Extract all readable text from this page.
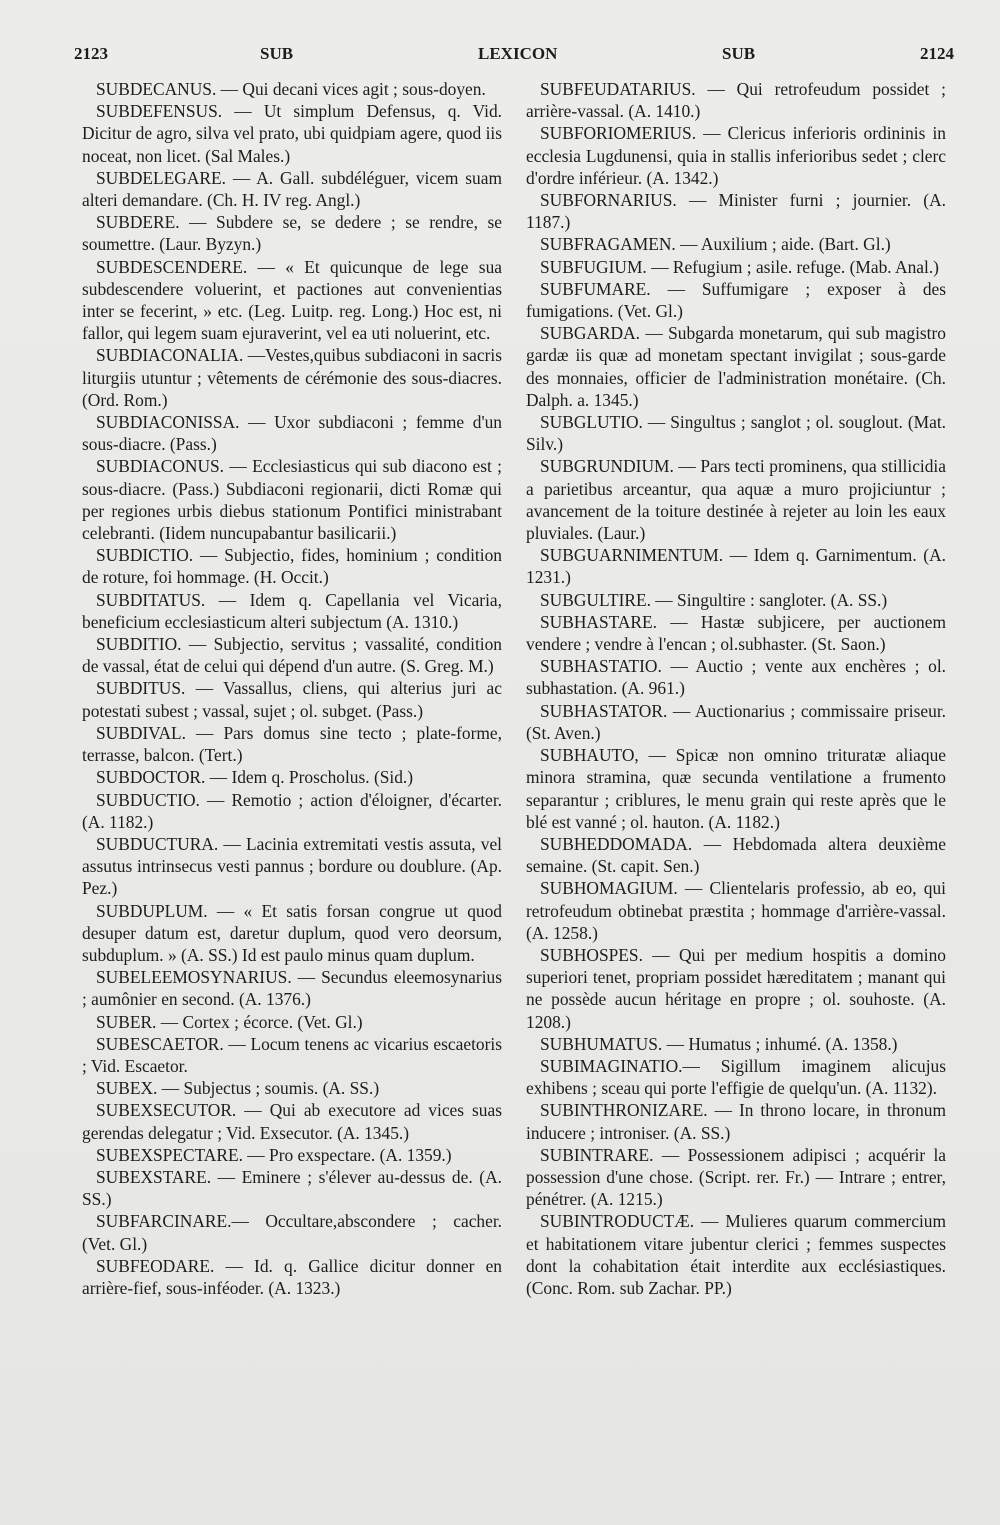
2123	SUB	LEXICON	SUB	2124

SUBDECANUS. — Qui decani vices agit ; sous-doyen.

SUBDEFENSUS. — Ut simplum Defensus, q. Vid. Dicitur de agro, silva vel prato, ubi quidpiam agere, quod iis noceat, non licet. (Sal Males.)

SUBDELEGARE. — A. Gall. subdéléguer, vicem suam alteri demandare. (Ch. H. IV reg. Angl.)

SUBDERE. — Subdere se, se dedere ; se rendre, se soumettre. (Laur. Byzyn.)

SUBDESCENDERE. — « Et quicunque de lege sua subdescendere voluerint, et pactiones aut convenientias inter se fecerint, » etc. (Leg. Luitp. reg. Long.) Hoc est, ni fallor, qui legem suam ejuraverint, vel ea uti noluerint, etc.

SUBDIACONALIA. —Vestes,quibus subdiaconi in sacris liturgiis utuntur ; vêtements de cérémonie des sous-diacres. (Ord. Rom.)

SUBDIACONISSA. — Uxor subdiaconi ; femme d'un sous-diacre. (Pass.)

SUBDIACONUS. — Ecclesiasticus qui sub diacono est ; sous-diacre. (Pass.) Subdiaconi regionarii, dicti Romæ qui per regiones urbis diebus stationum Pontifici ministrabant celebranti. (Iidem nuncupabantur basilicarii.)

SUBDICTIO. — Subjectio, fides, hominium ; condition de roture, foi hommage. (H. Occit.)

SUBDITATUS. — Idem q. Capellania vel Vicaria, beneficium ecclesiasticum alteri subjectum (A. 1310.)

SUBDITIO. — Subjectio, servitus ; vassalité, condition de vassal, état de celui qui dépend d'un autre. (S. Greg. M.)

SUBDITUS. — Vassallus, cliens, qui alterius juri ac potestati subest ; vassal, sujet ; ol. subget. (Pass.)

SUBDIVAL. — Pars domus sine tecto ; plate-forme, terrasse, balcon. (Tert.)

SUBDOCTOR. — Idem q. Proscholus. (Sid.)

SUBDUCTIO. — Remotio ; action d'éloigner, d'écarter. (A. 1182.)

SUBDUCTURA. — Lacinia extremitati vestis assuta, vel assutus intrinsecus vesti pannus ; bordure ou doublure. (Ap. Pez.)

SUBDUPLUM. — « Et satis forsan congrue ut quod desuper datum est, daretur duplum, quod vero deorsum, subduplum. » (A. SS.) Id est paulo minus quam duplum.

SUBELEEMOSYNARIUS. — Secundus eleemosynarius ; aumônier en second. (A. 1376.)

SUBER. — Cortex ; écorce. (Vet. Gl.)

SUBESCAETOR. — Locum tenens ac vicarius escaetoris ; Vid. Escaetor.

SUBEX. — Subjectus ; soumis. (A. SS.)

SUBEXSECUTOR. — Qui ab executore ad vices suas gerendas delegatur ; Vid. Exsecutor. (A. 1345.)

SUBEXSPECTARE. — Pro exspectare. (A. 1359.)

SUBEXSTARE. — Eminere ; s'élever au-dessus de. (A. SS.)

SUBFARCINARE.— Occultare,abscondere ; cacher. (Vet. Gl.)

SUBFEODARE. — Id. q. Gallice dicitur donner en arrière-fief, sous-inféoder. (A. 1323.)

SUBFEUDATARIUS. — Qui retrofeudum possidet ; arrière-vassal. (A. 1410.)

SUBFORIOMERIUS. — Clericus inferioris ordininis in ecclesia Lugdunensi, quia in stallis inferioribus sedet ; clerc d'ordre inférieur. (A. 1342.)

SUBFORNARIUS. — Minister furni ; journier. (A. 1187.)

SUBFRAGAMEN. — Auxilium ; aide. (Bart. Gl.)

SUBFUGIUM. — Refugium ; asile. refuge. (Mab. Anal.)

SUBFUMARE. — Suffumigare ; exposer à des fumigations. (Vet. Gl.)

SUBGARDA. — Subgarda monetarum, qui sub magistro gardæ iis quæ ad monetam spectant invigilat ; sous-garde des monnaies, officier de l'administration monétaire. (Ch. Dalph. a. 1345.)

SUBGLUTIO. — Singultus ; sanglot ; ol. souglout. (Mat. Silv.)

SUBGRUNDIUM. — Pars tecti prominens, qua stillicidia a parietibus arceantur, qua aquæ a muro projiciuntur ; avancement de la toiture destinée à rejeter au loin les eaux pluviales. (Laur.)

SUBGUARNIMENTUM. — Idem q. Garnimentum. (A. 1231.)

SUBGULTIRE. — Singultire : sangloter. (A. SS.)

SUBHASTARE. — Hastæ subjicere, per auctionem vendere ; vendre à l'encan ; ol.subhaster. (St. Saon.)

SUBHASTATIO. — Auctio ; vente aux enchères ; ol. subhastation. (A. 961.)

SUBHASTATOR. — Auctionarius ; commissaire priseur. (St. Aven.)

SUBHAUTO, — Spicæ non omnino trituratæ aliaque minora stramina, quæ secunda ventilatione a frumento separantur ; criblures, le menu grain qui reste après que le blé est vanné ; ol. hauton. (A. 1182.)

SUBHEDDOMADA. — Hebdomada altera deuxième semaine. (St. capit. Sen.)

SUBHOMAGIUM. — Clientelaris professio, ab eo, qui retrofeudum obtinebat præstita ; hommage d'arrière-vassal. (A. 1258.)

SUBHOSPES. — Qui per medium hospitis a domino superiori tenet, propriam possidet hæreditatem ; manant qui ne possède aucun héritage en propre ; ol. souhoste. (A. 1208.)

SUBHUMATUS. — Humatus ; inhumé. (A. 1358.)

SUBIMAGINATIO.— Sigillum imaginem alicujus exhibens ; sceau qui porte l'effigie de quelqu'un. (A. 1132).

SUBINTHRONIZARE. — In throno locare, in thronum inducere ; introniser. (A. SS.)

SUBINTRARE. — Possessionem adipisci ; acquérir la possession d'une chose. (Script. rer. Fr.) — Intrare ; entrer, pénétrer. (A. 1215.)

SUBINTRODUCTÆ. — Mulieres quarum commercium et habitationem vitare jubentur clerici ; femmes suspectes dont la cohabitation était interdite aux ecclésiastiques. (Conc. Rom. sub Zachar. PP.)
